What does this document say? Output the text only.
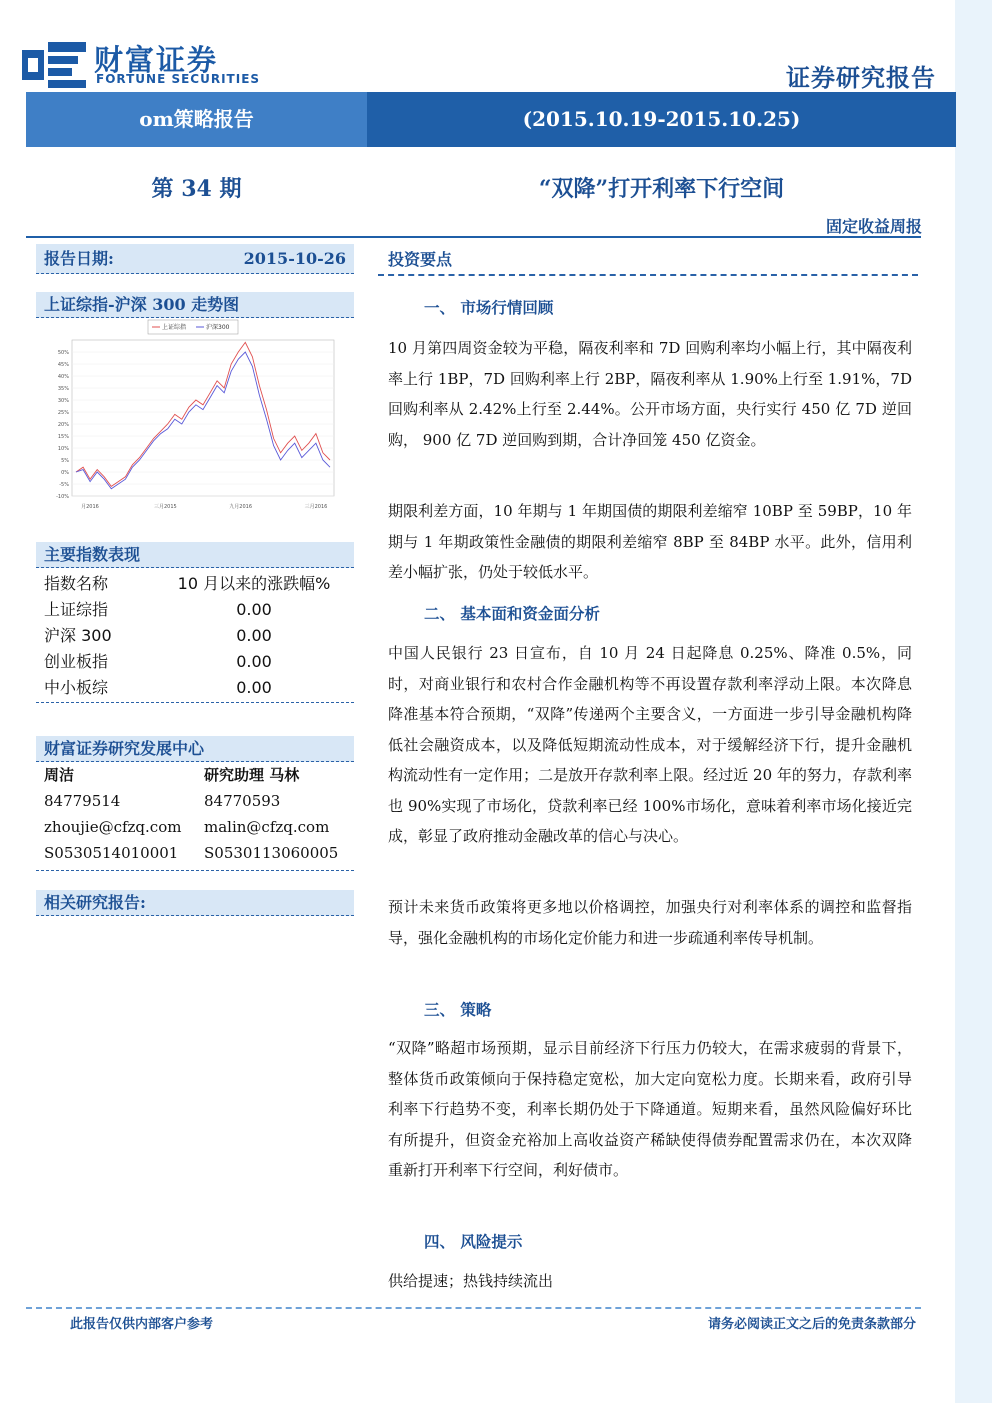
财富证券
FORTUNE SECURITIES	证券研究报告
om策略报告	(2015.10.19-2015.10.25)
第 34 期	“双降”打开利率下行空间
固定收益周报
报告日期:	2015-10-26
上证综指-沪深 300 走势图
50%
45%
40%
35%
30%
25%
20%
15%
10%
5%
0%
-5%
-10%
月2016	三月2015	九月2016	三月2016
上证综指	沪深300
主要指数表现
指数名称	10 月以来的涨跌幅%
上证综指	0.00
沪深 300	0.00
创业板指	0.00
中小板综	0.00
财富证券研究发展中心
周洁	研究助理 马林
84779514	84770593
zhoujie@cfzq.com	malin@cfzq.com
S0530514010001	S0530113060005
相关研究报告:
投资要点
一、 市场行情回顾
10 月第四周资金较为平稳，隔夜利率和 7D 回购利率均小幅上行，其中隔夜利率上行 1BP，7D 回购利率上行 2BP，隔夜利率从 1.90%上行至 1.91%，7D 回购利率从 2.42%上行至 2.44%。公开市场方面，央行实行 450 亿 7D 逆回购， 900 亿 7D 逆回购到期，合计净回笼 450 亿资金。
期限利差方面，10 年期与 1 年期国债的期限利差缩窄 10BP 至 59BP，10 年期与 1 年期政策性金融债的期限利差缩窄 8BP 至 84BP 水平。此外，信用利差小幅扩张，仍处于较低水平。
二、 基本面和资金面分析
中国人民银行 23 日宣布，自 10 月 24 日起降息 0.25%、降准 0.5%，同时，对商业银行和农村合作金融机构等不再设置存款利率浮动上限。本次降息降准基本符合预期，“双降”传递两个主要含义，一方面进一步引导金融机构降低社会融资成本，以及降低短期流动性成本，对于缓解经济下行，提升金融机构流动性有一定作用；二是放开存款利率上限。经过近 20 年的努力，存款利率也 90%实现了市场化，贷款利率已经 100%市场化，意味着利率市场化接近完成，彰显了政府推动金融改革的信心与决心。
预计未来货币政策将更多地以价格调控，加强央行对利率体系的调控和监督指导，强化金融机构的市场化定价能力和进一步疏通利率传导机制。
三、 策略
“双降”略超市场预期，显示目前经济下行压力仍较大，在需求疲弱的背景下，整体货币政策倾向于保持稳定宽松，加大定向宽松力度。长期来看，政府引导利率下行趋势不变，利率长期仍处于下降通道。短期来看，虽然风险偏好环比有所提升，但资金充裕加上高收益资产稀缺使得债券配置需求仍在，本次双降重新打开利率下行空间，利好债市。
四、 风险提示
供给提速；热钱持续流出
此报告仅供内部客户参考	请务必阅读正文之后的免责条款部分
